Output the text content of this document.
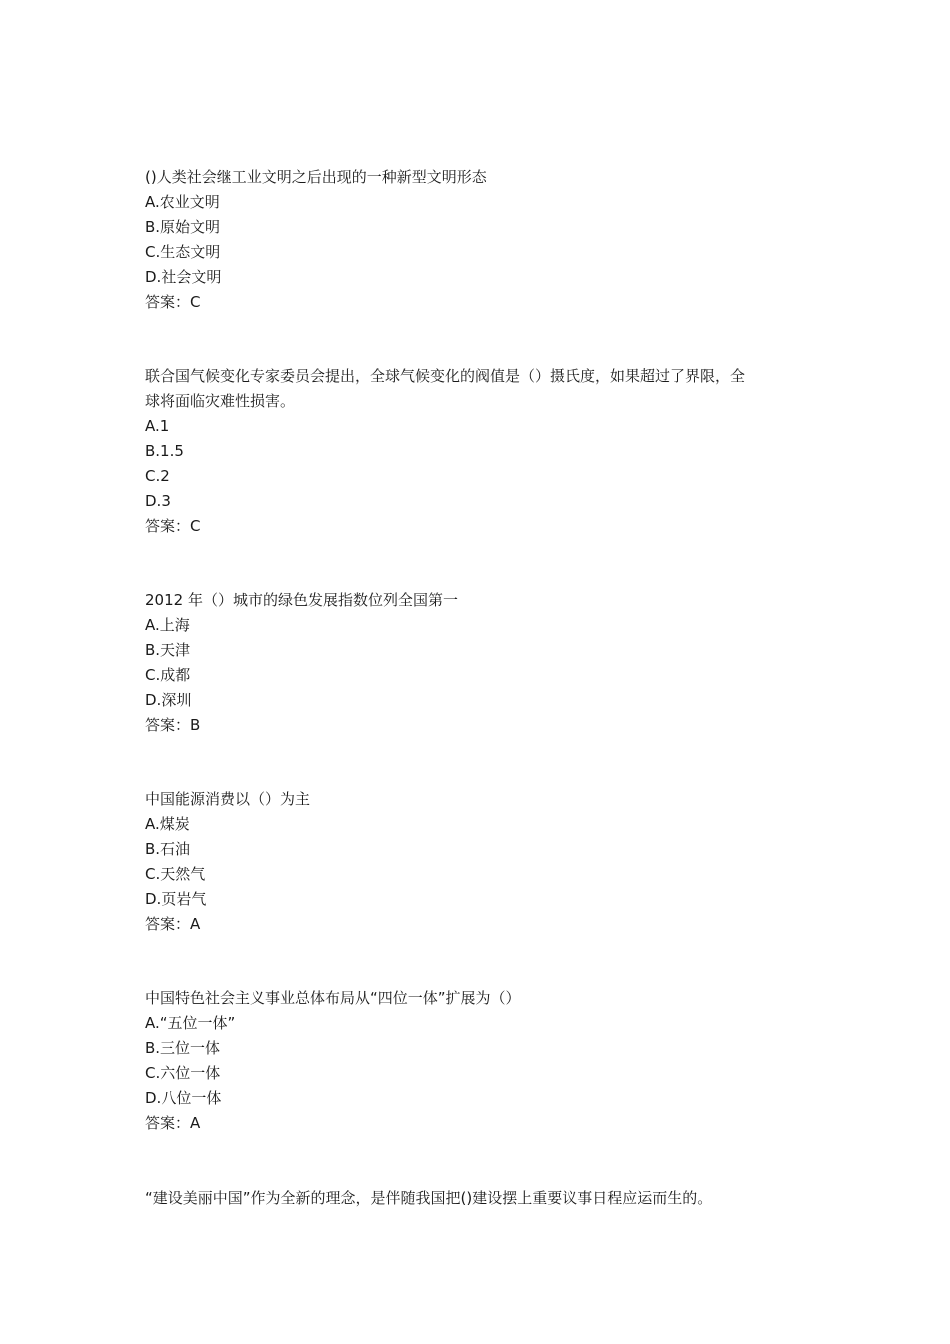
()人类社会继工业文明之后出现的一种新型文明形态
A.农业文明
B.原始文明
C.生态文明
D.社会文明
答案：C
联合国气候变化专家委员会提出，全球气候变化的阀值是（）摄氏度，如果超过了界限，全
球将面临灾难性损害。
A.1
B.1.5
C.2
D.3
答案：C
2012 年（）城市的绿色发展指数位列全国第一
A.上海
B.天津
C.成都
D.深圳
答案：B
中国能源消费以（）为主
A.煤炭
B.石油
C.天然气
D.页岩气
答案：A
中国特色社会主义事业总体布局从“四位一体”扩展为（）
A.“五位一体”
B.三位一体
C.六位一体
D.八位一体
答案：A
“建设美丽中国”作为全新的理念，是伴随我国把()建设摆上重要议事日程应运而生的。
